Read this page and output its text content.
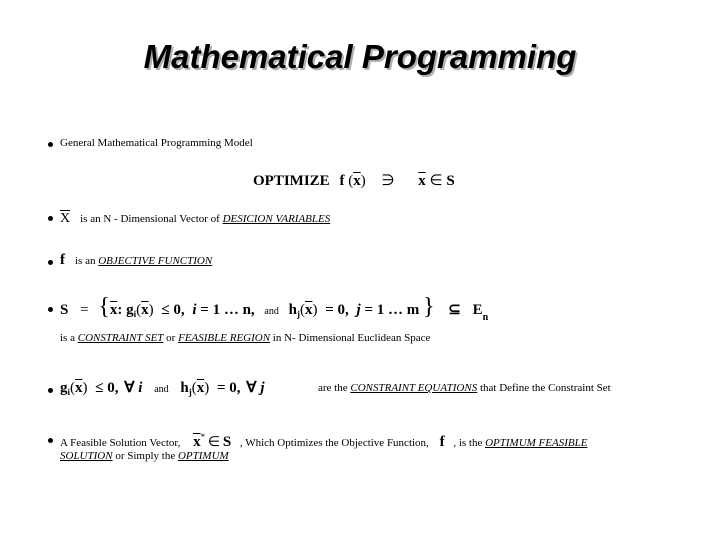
Mathematical Programming
General Mathematical Programming Model
OPTIMIZE f $(\overline{x})$ ∋ $\overline{x}$ ∈ S
$\overline{X}$ is an N - Dimensional Vector of DESICION VARIABLES
f is an OBJECTIVE FUNCTION
$S = \{\overline{x}$: $g_i(\overline{x}) \le 0$, i = 1 … n, and $h_j(\overline{x}) = 0$, j = 1 … m } ⊆ $E_n$
is a CONSTRAINT SET or FEASIBLE REGION in N- Dimensional Euclidean Space
$g_i(\overline{x}) \le 0$, ∀ i and $h_j(\overline{x}) = 0$, ∀ j	are the CONSTRAINT EQUATIONS that Define the Constraint Set
A Feasible Solution Vector, $\overline{x}^*$ ∈ S , Which Optimizes the Objective Function, f , is the OPTIMUM FEASIBLE
SOLUTION or Simply the OPTIMUM
